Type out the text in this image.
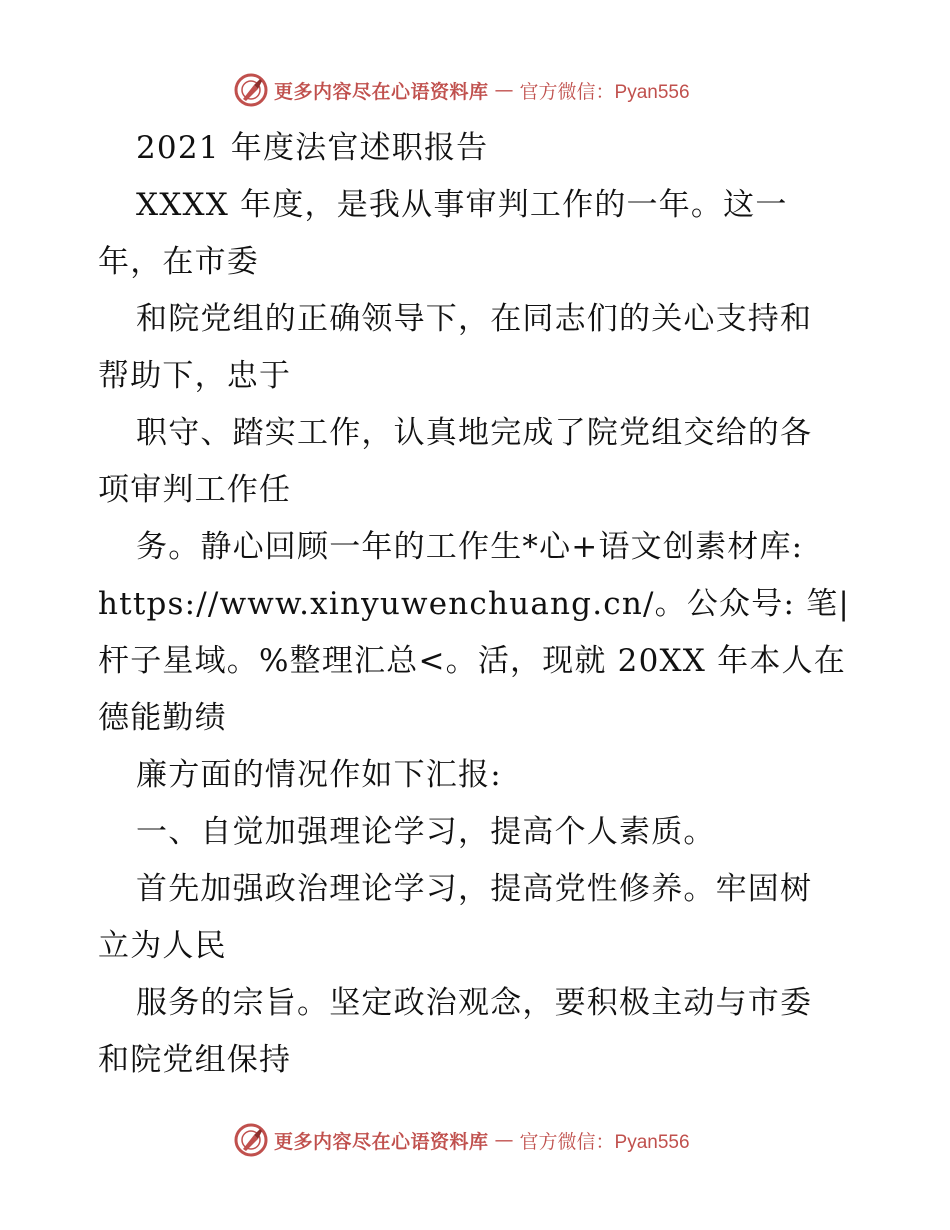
更多内容尽在心语资料库 — 官方微信：Pyan556
2021 年度法官述职报告
XXXX 年度，是我从事审判工作的一年。这一
年，在市委
和院党组的正确领导下，在同志们的关心支持和
帮助下，忠于
职守、踏实工作，认真地完成了院党组交给的各
项审判工作任
务。静心回顾一年的工作生*心+语文创素材库:
https://www.xinyuwenchuang.cn/。公众号: 笔|
杆子星域。%整理汇总<。活，现就 20XX 年本人在
德能勤绩
廉方面的情况作如下汇报:
一、自觉加强理论学习，提高个人素质。
首先加强政治理论学习，提高党性修养。牢固树
立为人民
服务的宗旨。坚定政治观念，要积极主动与市委
和院党组保持
更多内容尽在心语资料库 — 官方微信：Pyan556
